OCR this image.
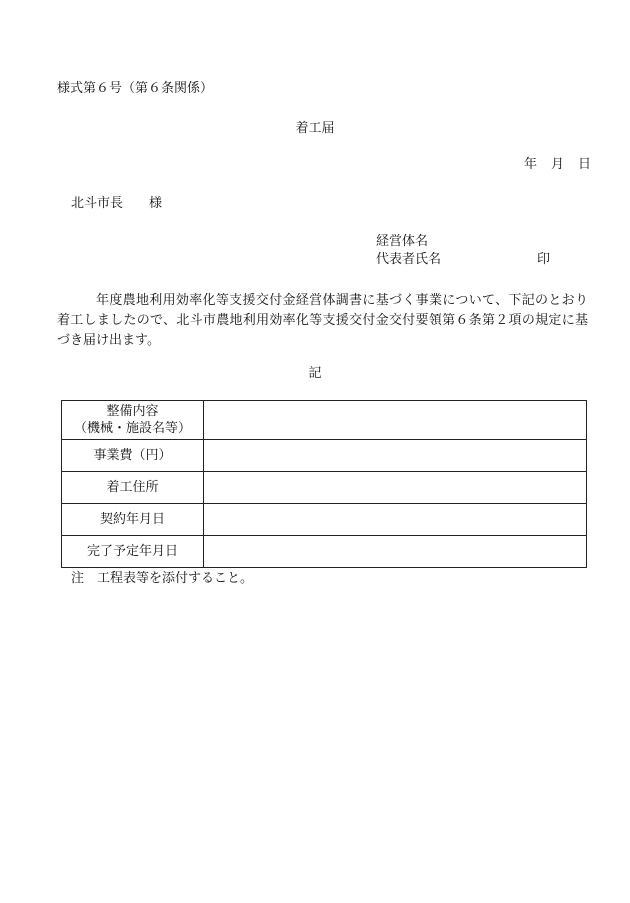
様式第６号（第６条関係）
着工届
年 月 日
北斗市長 様
経営体名
代表者氏名	印

年度農地利用効率化等支援交付金経営体調書に基づく事業について、下記のとおり着工しましたので、北斗市農地利用効率化等支援交付金交付要領第６条第２項の規定に基づき届け出ます。

記
整備内容
（機械・施設名等）	

事業費（円）	

着工住所	

契約年月日	

完了予定年月日	

注　工程表等を添付すること。
